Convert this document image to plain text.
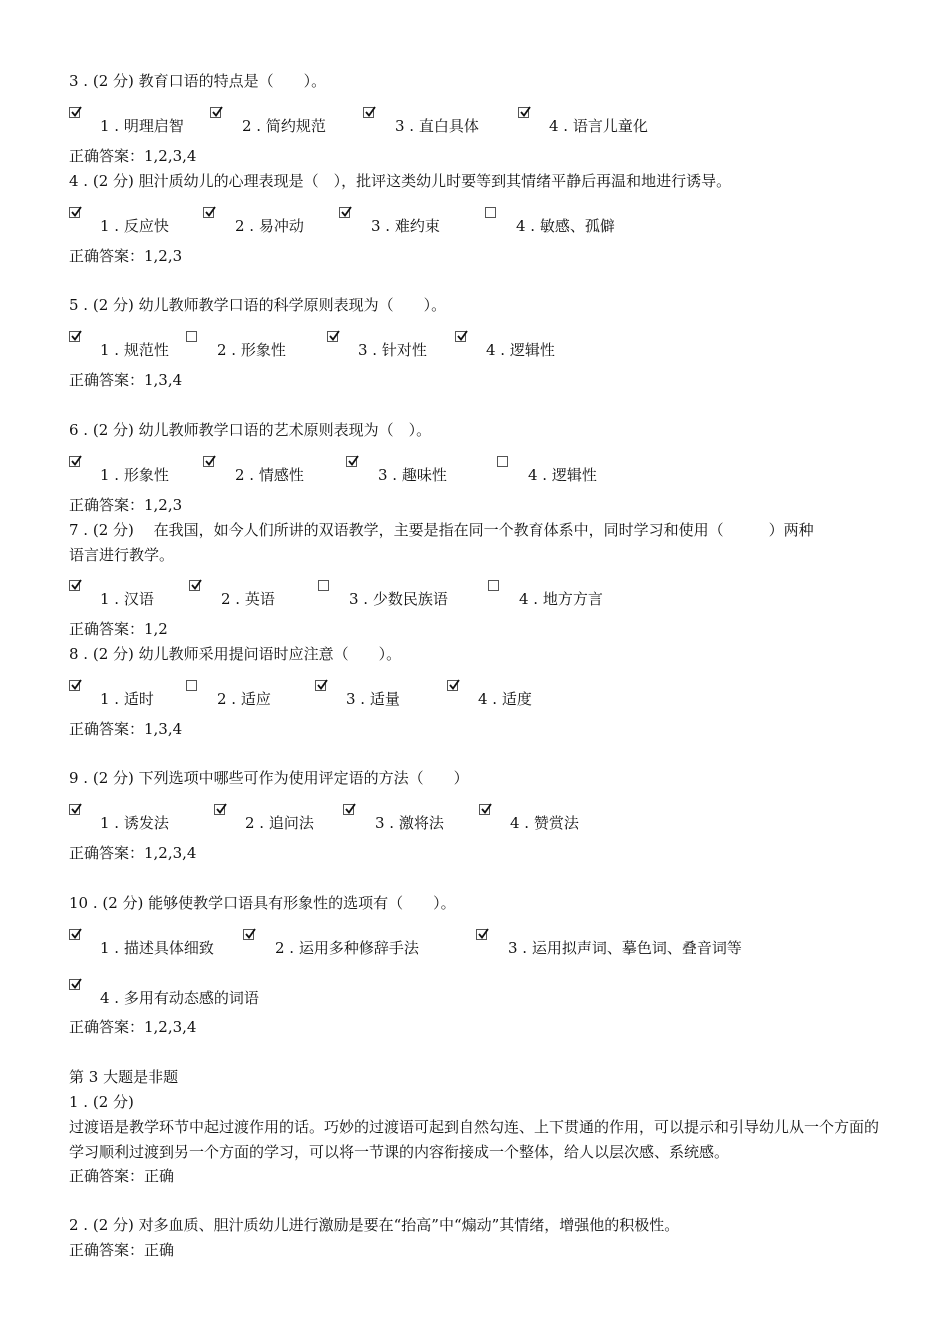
3 . (2 分) 教育口语的特点是（　　）。
1 . 明理启智	2 . 简约规范	3 . 直白具体	4 . 语言儿童化
正确答案：1,2,3,4
4 . (2 分) 胆汁质幼儿的心理表现是（　），批评这类幼儿时要等到其情绪平静后再温和地进行诱导。
1 . 反应快	2 . 易冲动	3 . 难约束	4 . 敏感、孤僻
正确答案：1,2,3
5 . (2 分) 幼儿教师教学口语的科学原则表现为（　　）。
1 . 规范性	2 . 形象性	3 . 针对性	4 . 逻辑性
正确答案：1,3,4
6 . (2 分) 幼儿教师教学口语的艺术原则表现为（　）。
1 . 形象性	2 . 情感性	3 . 趣味性	4 . 逻辑性
正确答案：1,2,3
7 . (2 分)　 在我国，如今人们所讲的双语教学，主要是指在同一个教育体系中，同时学习和使用（　　　）两种
语言进行教学。
1 . 汉语	2 . 英语	3 . 少数民族语	4 . 地方方言
正确答案：1,2
8 . (2 分) 幼儿教师采用提问语时应注意（　　）。
1 . 适时	2 . 适应	3 . 适量	4 . 适度
正确答案：1,3,4
9 . (2 分) 下列选项中哪些可作为使用评定语的方法（　　）
1 . 诱发法	2 . 追问法	3 . 激将法	4 . 赞赏法
正确答案：1,2,3,4
10 . (2 分) 能够使教学口语具有形象性的选项有（　　）。
1 . 描述具体细致	2 . 运用多种修辞手法	3 . 运用拟声词、摹色词、叠音词等
4 . 多用有动态感的词语
正确答案：1,2,3,4
第 3 大题是非题
1 . (2 分)
过渡语是教学环节中起过渡作用的话。巧妙的过渡语可起到自然勾连、上下贯通的作用，可以提示和引导幼儿从一个方面的学习顺利过渡到另一个方面的学习，可以将一节课的内容衔接成一个整体，给人以层次感、系统感。
正确答案：正确
2 . (2 分) 对多血质、胆汁质幼儿进行激励是要在“抬高”中“煽动”其情绪，增强他的积极性。
正确答案：正确
